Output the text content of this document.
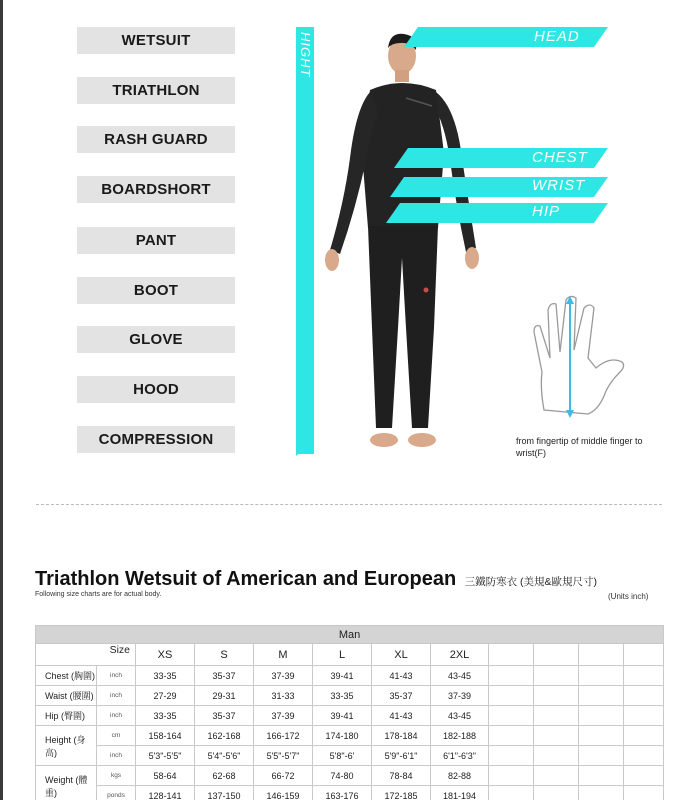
WETSUIT
TRIATHLON
RASH GUARD
BOARDSHORT
PANT
BOOT
GLOVE
HOOD
COMPRESSION
HIGHT	HEAD
CHEST
WRIST
HIP
from fingertip of middle finger to wrist(F)
Triathlon Wetsuit of American and European 三鐵防寒衣 (美規&歐規尺寸)
Following size charts are for actual body.	(Units inch)
Man											
Size		XS	S	M	L	XL	2XL				
Chest (胸圍)	inch	33-35	35-37	37-39	39-41	41-43	43-45				
Waist (腰圍)	inch	27-29	29-31	31-33	33-35	35-37	37-39				
Hip (臀圍)	inch	33-35	35-37	37-39	39-41	41-43	43-45				
Height (身高)	cm	158-164	162-168	166-172	174-180	178-184	182-188				
	inch	5'3"-5'5"	5'4"-5'6"	5'5"-5'7"	5'8"-6'	5'9"-6'1"	6'1"-6'3"				
Weight (體重)	kgs	58-64	62-68	66-72	74-80	78-84	82-88				
	ponds	128-141	137-150	146-159	163-176	172-185	181-194				
